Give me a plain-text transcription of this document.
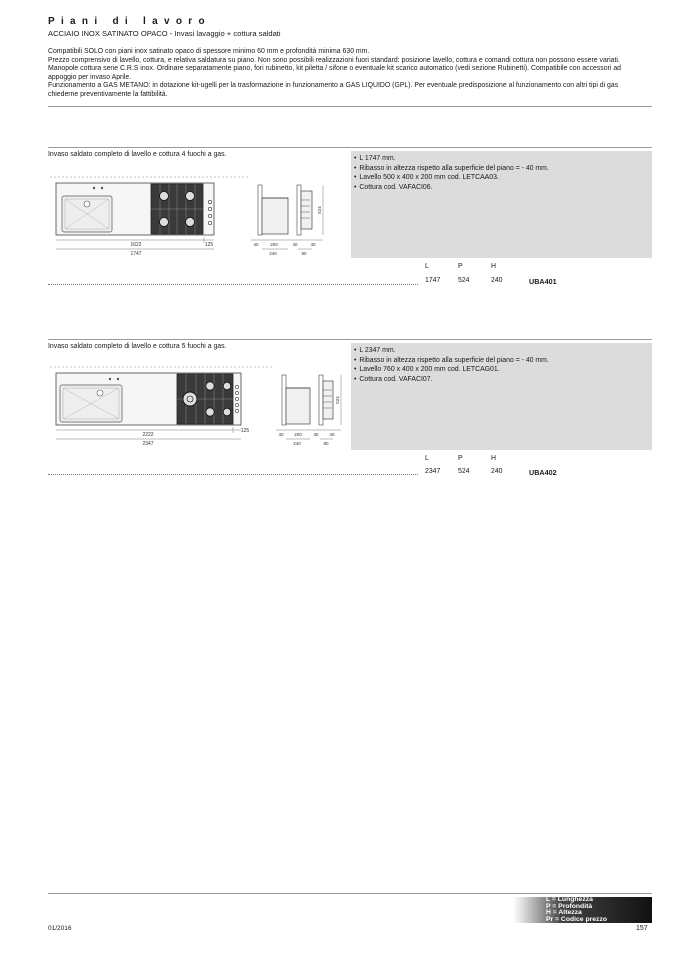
Piani di lavoro
ACCIAIO INOX SATINATO OPACO - Invasi lavaggio + cottura saldati

Compatibili SOLO con piani inox satinato opaco di spessore minimo 60 mm e profondità minima 630 mm.

Prezzo comprensivo di lavello, cottura, e relativa saldatura su piano. Non sono possibili realizzazioni fuori standard: posizione lavello, cottura e comandi cottura non possono essere variati. Manopole cottura serie C.R.S inox. Ordinare separatamente piano, fori rubinetto, kit piletta / sifone o eventuale kit scarico automatico (vedi sezione Rubinetti). Compatibile con accessori ad appoggio per invaso Aprile.

Funzionamento a GAS METANO: in dotazione kit-ugelli per la trasformazione in funzionamento a GAS LIQUIDO (GPL). Per eventuale predisposizione al funzionamento con altri tipi di gas chiederne preventivamente la fattibilità.

Invaso saldato completo di lavello e cottura 4 fuochi a gas.
1622	125
1747
524
40	200	40	40
240	80
• L 1747 mm.
• Ribasso in altezza rispetto alla superficie del piano = - 40 mm.
• Lavello 500 x 400 x 200 mm cod. LETCAA03.
• Cottura cod. VAFACI06.
L	P	H
1747	524	240	UBA401
Invaso saldato completo di lavello e cottura 5 fuochi a gas.
2222
125
2347
524
40 200	40 40
240	80
• L 2347 mm.
• Ribasso in altezza rispetto alla superficie del piano = - 40 mm.
• Lavello 760 x 400 x 200 mm cod. LETCAG01.
• Cottura cod. VAFACI07.
L	P	H
2347	524	240	UBA402
L = Lunghezza
P = Profondità
H = Altezza
Pr = Codice prezzo
01/2016	157
